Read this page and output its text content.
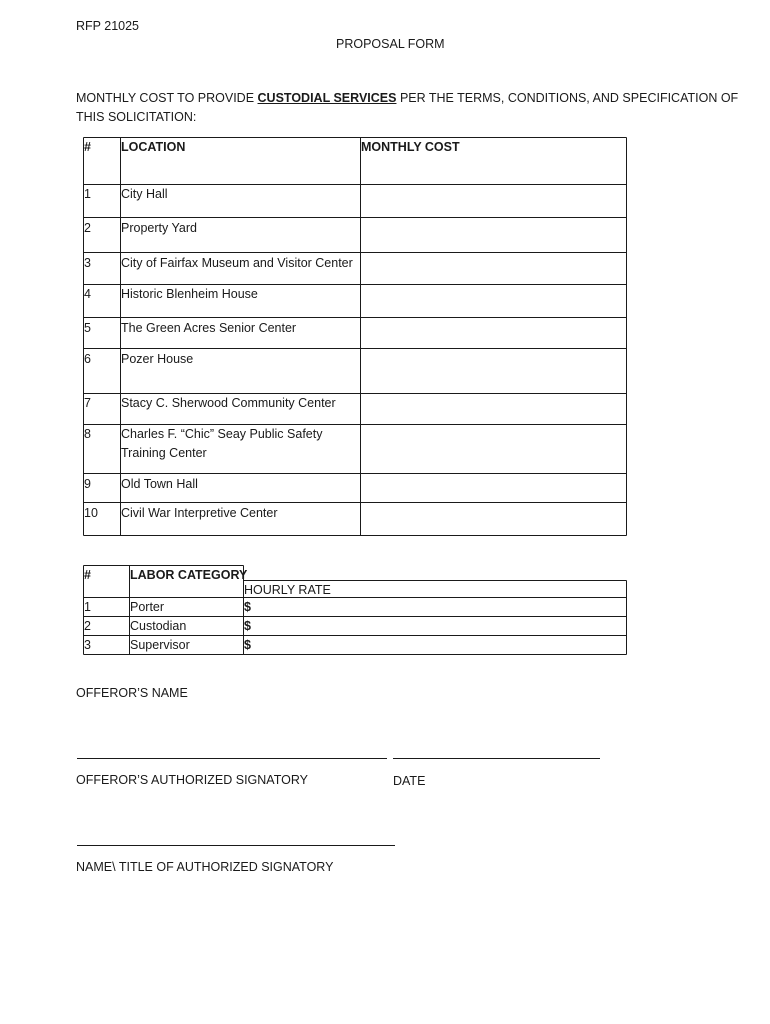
RFP 21025
PROPOSAL FORM
MONTHLY COST TO PROVIDE CUSTODIAL SERVICES PER THE TERMS, CONDITIONS, AND SPECIFICATION OF
THIS SOLICITATION:
# LOCATION	MONTHLY COST
1 City Hall
2 Property Yard
3 City of Fairfax Museum and Visitor Center
4 Historic Blenheim House
5 The Green Acres Senior Center
6 Pozer House
7 Stacy C. Sherwood Community Center
8 Charles F. “Chic” Seay Public Safety
Training Center
9 Old Town Hall
10 Civil War Interpretive Center
#	LABOR CATEGORY
HOURLY RATE
1	Porter	$
2	Custodian	$
3	Supervisor	$
OFFEROR’S NAME
OFFEROR’S AUTHORIZED SIGNATORY	DATE
NAME\ TITLE OF AUTHORIZED SIGNATORY
